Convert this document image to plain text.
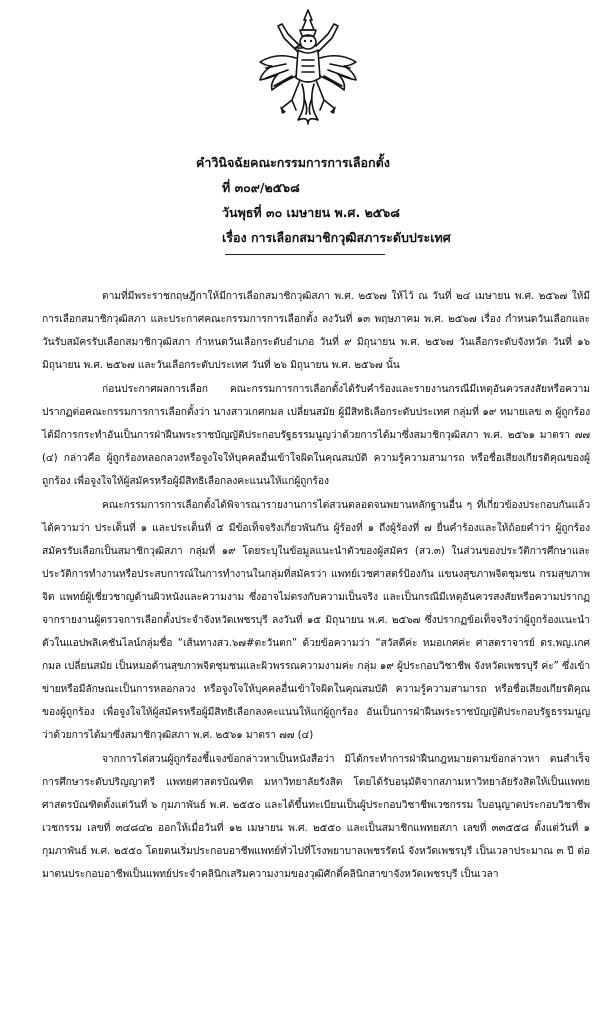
คำวินิจฉัยคณะกรรมการการเลือกตั้ง
ที่ ๓๐๙/๒๕๖๘
วันพุธที่ ๓๐ เมษายน พ.ศ. ๒๕๖๘
เรื่อง การเลือกสมาชิกวุฒิสภาระดับประเทศ

ตามที่มีพระราชกฤษฎีกาให้มีการเลือกสมาชิกวุฒิสภา พ.ศ. ๒๕๖๗ ให้ไว้ ณ วันที่ ๒๔ เมษายน พ.ศ. ๒๕๖๗ ให้มีการเลือกสมาชิกวุฒิสภา และประกาศคณะกรรมการการเลือกตั้ง ลงวันที่ ๑๓ พฤษภาคม พ.ศ. ๒๕๖๗ เรื่อง กำหนดวันเลือกและวันรับสมัครรับเลือกสมาชิกวุฒิสภา กำหนดวันเลือกระดับอำเภอ วันที่ ๙ มิถุนายน พ.ศ. ๒๕๖๗ วันเลือกระดับจังหวัด วันที่ ๑๖ มิถุนายน พ.ศ. ๒๕๖๗ และวันเลือกระดับประเทศ วันที่ ๒๖ มิถุนายน พ.ศ. ๒๕๖๗ นั้น

ก่อนประกาศผลการเลือก คณะกรรมการการเลือกตั้งได้รับคำร้องและรายงานกรณีมีเหตุอันควรสงสัยหรือความปรากฏต่อคณะกรรมการการเลือกตั้งว่า นางสาวเกศกมล เปลี่ยนสมัย ผู้มีสิทธิเลือกระดับประเทศ กลุ่มที่ ๑๙ หมายเลข ๓ ผู้ถูกร้อง ได้มีการกระทำอันเป็นการฝ่าฝืนพระราชบัญญัติประกอบรัฐธรรมนูญว่าด้วยการได้มาซึ่งสมาชิกวุฒิสภา พ.ศ. ๒๕๖๑ มาตรา ๗๗ (๔) กล่าวคือ ผู้ถูกร้องหลอกลวงหรือจูงใจให้บุคคลอื่นเข้าใจผิดในคุณสมบัติ ความรู้ความสามารถ หรือชื่อเสียงเกียรติคุณของผู้ถูกร้อง เพื่อจูงใจให้ผู้สมัครหรือผู้มีสิทธิเลือกลงคะแนนให้แก่ผู้ถูกร้อง

คณะกรรมการการเลือกตั้งได้พิจารณารายงานการไต่สวนตลอดจนพยานหลักฐานอื่น ๆ ที่เกี่ยวข้องประกอบกันแล้วได้ความว่า ประเด็นที่ ๑ และประเด็นที่ ๕ มีข้อเท็จจริงเกี่ยวพันกัน ผู้ร้องที่ ๑ ถึงผู้ร้องที่ ๗ ยื่นคำร้องและให้ถ้อยคำว่า ผู้ถูกร้องสมัครรับเลือกเป็นสมาชิกวุฒิสภา กลุ่มที่ ๑๙ โดยระบุในข้อมูลแนะนำตัวของผู้สมัคร (สว.๓) ในส่วนของประวัติการศึกษาและประวัติการทำงานหรือประสบการณ์ในการทำงานในกลุ่มที่สมัครว่า แพทย์เวชศาสตร์ป้องกัน แขนงสุขภาพจิตชุมชน กรมสุขภาพจิต แพทย์ผู้เชี่ยวชาญด้านผิวหนังและความงาม ซึ่งอาจไม่ตรงกับความเป็นจริง และเป็นกรณีมีเหตุอันควรสงสัยหรือความปรากฏจากรายงานผู้ตรวจการเลือกตั้งประจำจังหวัดเพชรบุรี ลงวันที่ ๑๕ มิถุนายน พ.ศ. ๒๕๖๗ ซึ่งปรากฏข้อเท็จจริงว่าผู้ถูกร้องแนะนำตัวในแอปพลิเคชันไลน์กลุ่มชื่อ “เส้นทางสว.๖๗#ตะวันตก” ด้วยข้อความว่า “สวัสดีค่ะ หมอเกศค่ะ ศาสตราจารย์ ดร.พญ.เกศกมล เปลี่ยนสมัย เป็นหมอด้านสุขภาพจิตชุมชนและผิวพรรณความงามค่ะ กลุ่ม ๑๙ ผู้ประกอบวิชาชีพ จังหวัดเพชรบุรี ค่ะ” ซึ่งเข้าข่ายหรือมีลักษณะเป็นการหลอกลวง หรือจูงใจให้บุคคลอื่นเข้าใจผิดในคุณสมบัติ ความรู้ความสามารถ หรือชื่อเสียงเกียรติคุณของผู้ถูกร้อง เพื่อจูงใจให้ผู้สมัครหรือผู้มีสิทธิเลือกลงคะแนนให้แก่ผู้ถูกร้อง อันเป็นการฝ่าฝืนพระราชบัญญัติประกอบรัฐธรรมนูญว่าด้วยการได้มาซึ่งสมาชิกวุฒิสภา พ.ศ. ๒๕๖๑ มาตรา ๗๗ (๔)

จากการไต่สวนผู้ถูกร้องชี้แจงข้อกล่าวหาเป็นหนังสือว่า มิได้กระทำการฝ่าฝืนกฎหมายตามข้อกล่าวหา ตนสำเร็จการศึกษาระดับปริญญาตรี แพทยศาสตรบัณฑิต มหาวิทยาลัยรังสิต โดยได้รับอนุมัติจากสภามหาวิทยาลัยรังสิตให้เป็นแพทยศาสตรบัณฑิตตั้งแต่วันที่ ๖ กุมภาพันธ์ พ.ศ. ๒๕๕๐ และได้ขึ้นทะเบียนเป็นผู้ประกอบวิชาชีพเวชกรรม ใบอนุญาตประกอบวิชาชีพเวชกรรม เลขที่ ๓๔๘๔๒ ออกให้เมื่อวันที่ ๑๒ เมษายน พ.ศ. ๒๕๕๐ และเป็นสมาชิกแพทยสภา เลขที่ ๓๓๕๕๘ ตั้งแต่วันที่ ๑ กุมภาพันธ์ พ.ศ. ๒๕๕๐ โดยตนเริ่มประกอบอาชีพแพทย์ทั่วไปที่โรงพยาบาลเพชรรัตน์ จังหวัดเพชรบุรี เป็นเวลาประมาณ ๓ ปี ต่อมาตนประกอบอาชีพเป็นแพทย์ประจำคลินิกเสริมความงามของวุฒิศักดิ์คลินิกสาขาจังหวัดเพชรบุรี เป็นเวลา
